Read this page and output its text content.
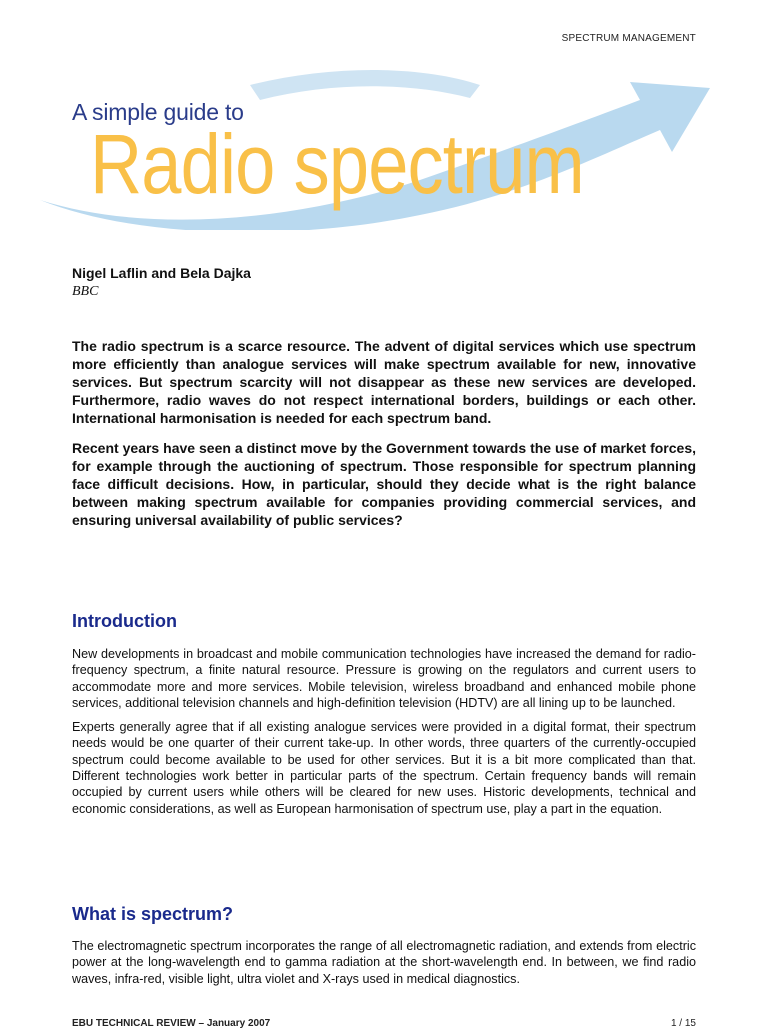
SPECTRUM MANAGEMENT
A simple guide to
Radio spectrum
Nigel Laflin and Bela Dajka
BBC

The radio spectrum is a scarce resource. The advent of digital services which use spectrum more efficiently than analogue services will make spectrum available for new, innovative services. But spectrum scarcity will not disappear as these new services are developed. Furthermore, radio waves do not respect international borders, buildings or each other. International harmonisation is needed for each spectrum band.

Recent years have seen a distinct move by the Government towards the use of market forces, for example through the auctioning of spectrum. Those responsible for spectrum planning face difficult decisions. How, in particular, should they decide what is the right balance between making spectrum available for companies providing commercial services, and ensuring universal availability of public services?

Introduction

New developments in broadcast and mobile communication technologies have increased the demand for radio-frequency spectrum, a finite natural resource. Pressure is growing on the regulators and current users to accommodate more and more services. Mobile television, wireless broadband and enhanced mobile phone services, additional television channels and high-definition television (HDTV) are all lining up to be launched.

Experts generally agree that if all existing analogue services were provided in a digital format, their spectrum needs would be one quarter of their current take-up. In other words, three quarters of the currently-occupied spectrum could become available to be used for other services. But it is a bit more complicated than that. Different technologies work better in particular parts of the spectrum. Certain frequency bands will remain occupied by current users while others will be cleared for new uses. Historic developments, technical and economic considerations, as well as European harmonisation of spectrum use, play a part in the equation.

What is spectrum?

The electromagnetic spectrum incorporates the range of all electromagnetic radiation, and extends from electric power at the long-wavelength end to gamma radiation at the short-wavelength end. In between, we find radio waves, infra-red, visible light, ultra violet and X-rays used in medical diagnostics.

EBU TECHNICAL REVIEW – January 2007	1 / 15
